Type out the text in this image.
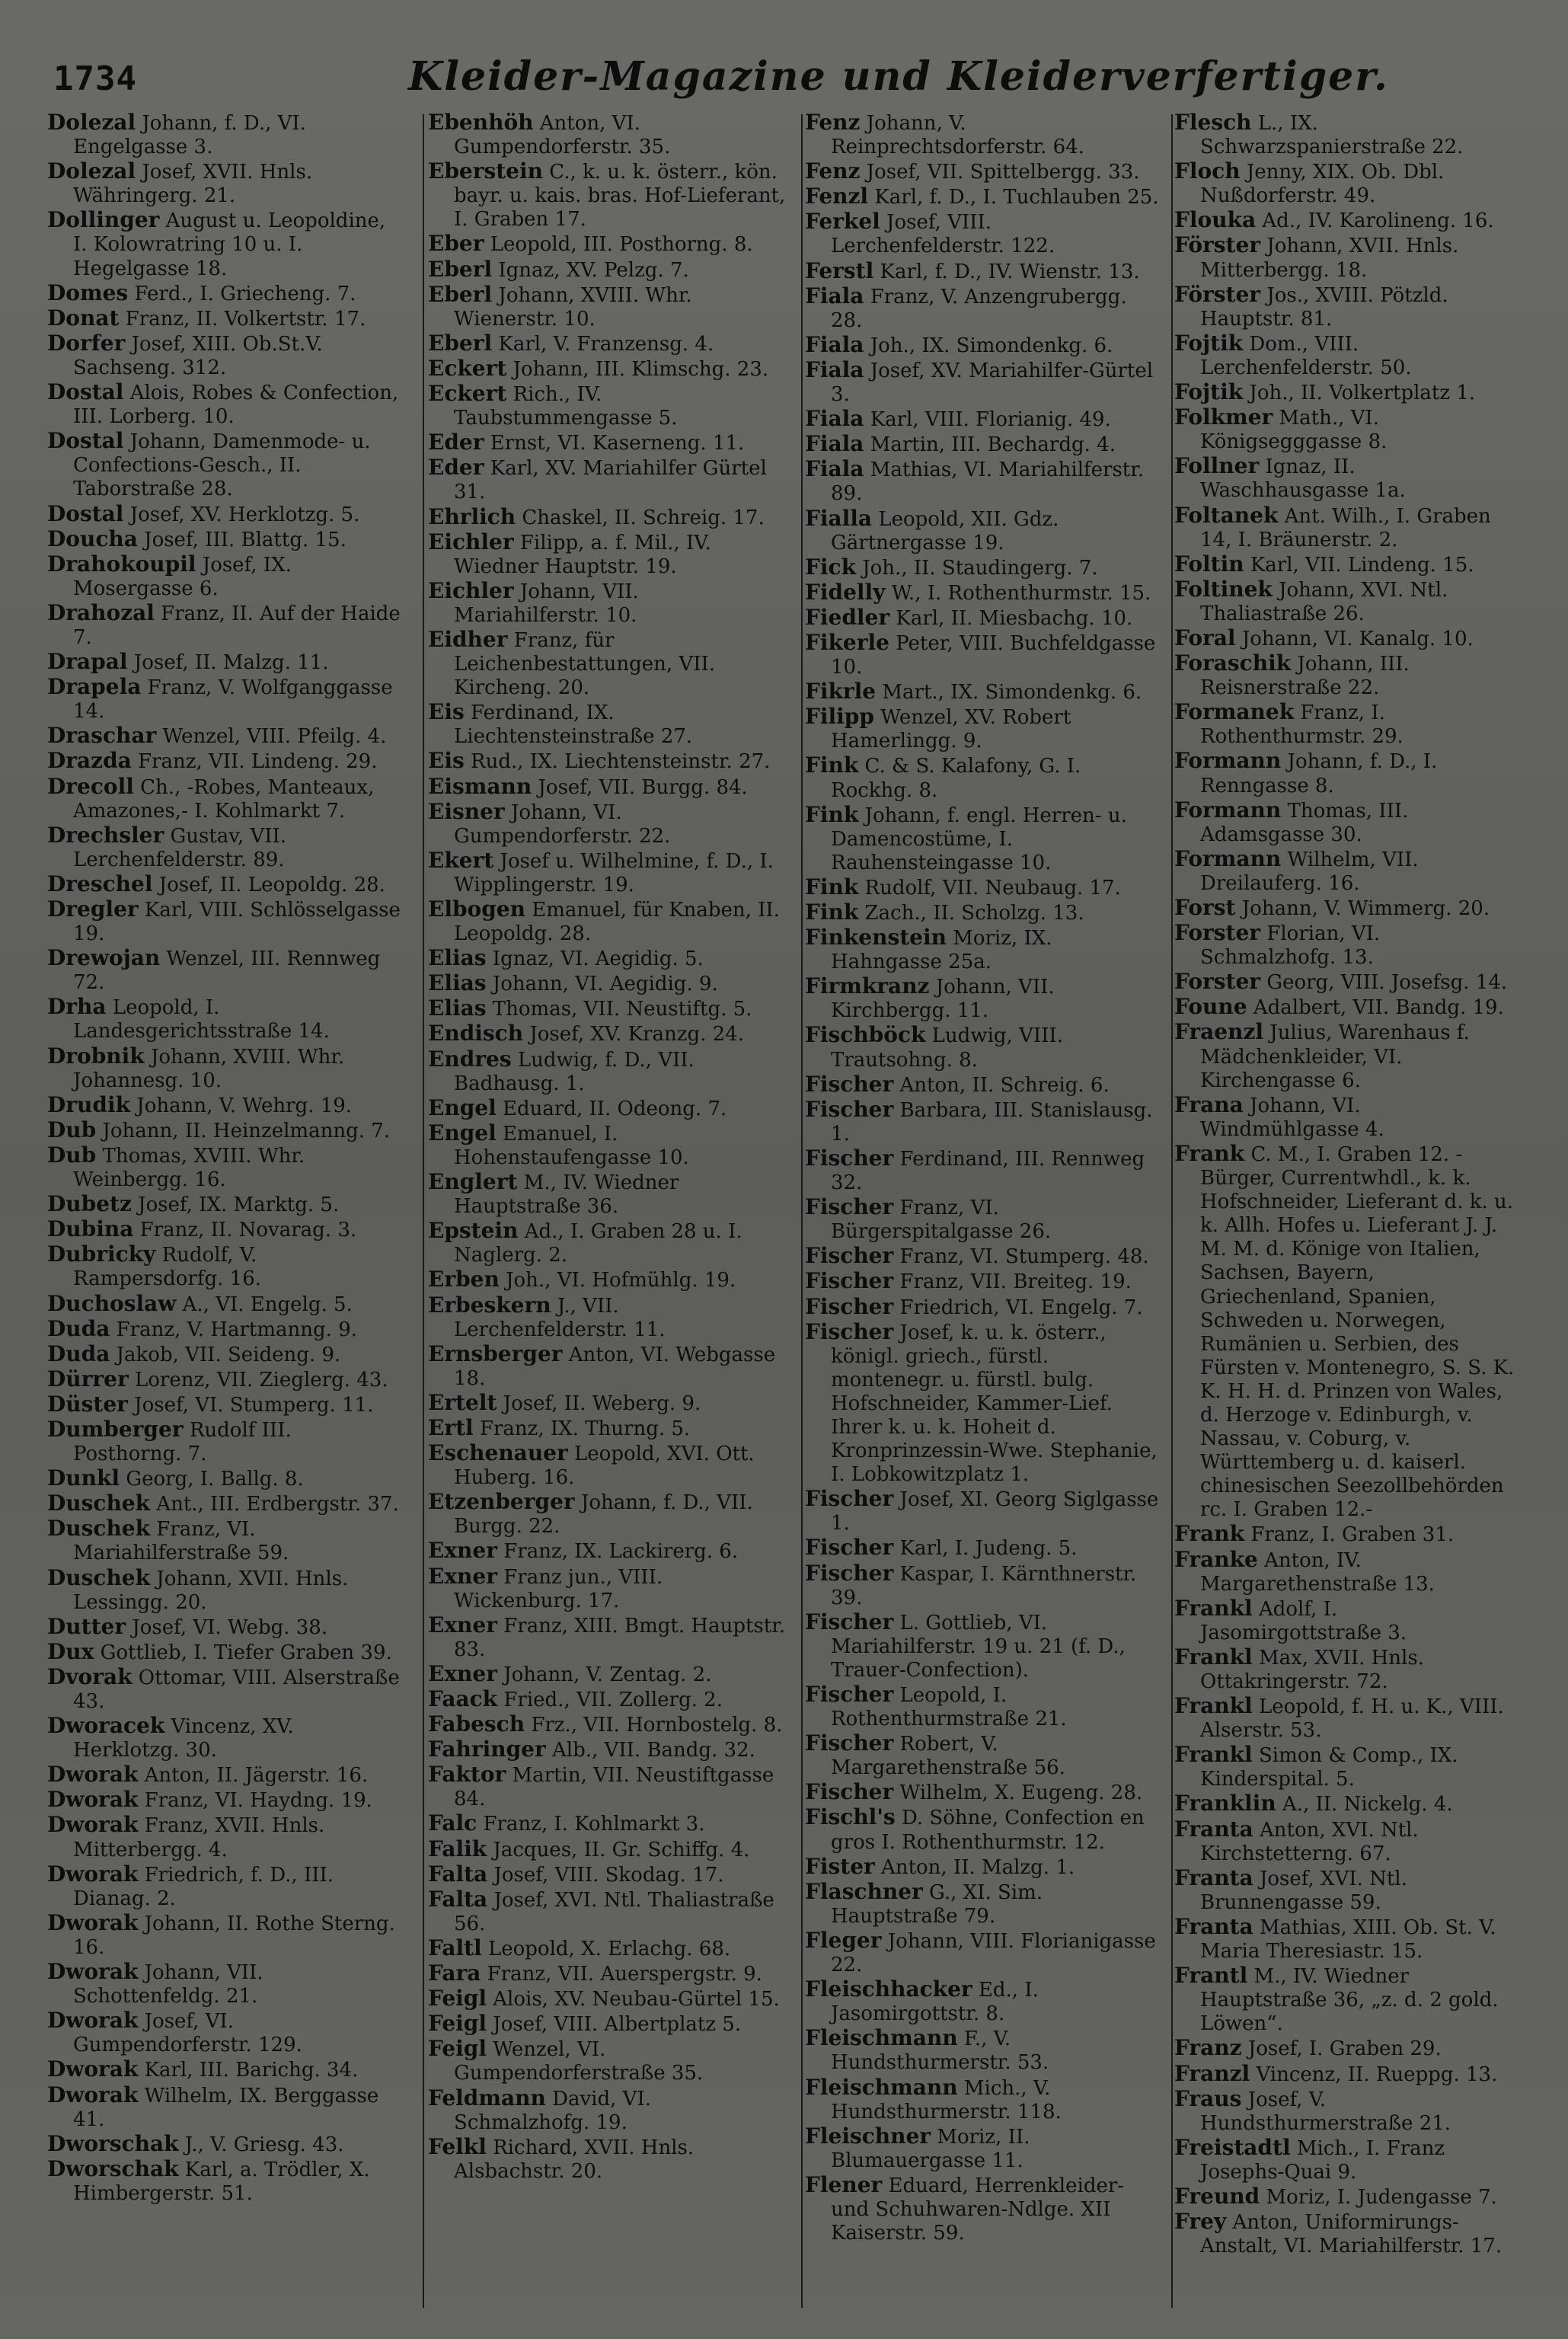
1734	Kleider-Magazine und Kleiderverfertiger.
Dolezal Johann, f. D., VI. Engelgasse 3.
Dolezal Josef, XVII. Hnls. Währingerg. 21.
Dollinger August u. Leopoldine, I. Kolowratring 10 u. I. Hegelgasse 18.
Domes Ferd., I. Griecheng. 7.
Donat Franz, II. Volkertstr. 17.
Dorfer Josef, XIII. Ob.St.V. Sachseng. 312.
Dostal Alois, Robes & Confection, III. Lorberg. 10.
Dostal Johann, Damenmode- u. Confections-Gesch., II. Taborstraße 28.
Dostal Josef, XV. Herklotzg. 5.
Doucha Josef, III. Blattg. 15.
Drahokoupil Josef, IX. Mosergasse 6.
Drahozal Franz, II. Auf der Haide 7.
Drapal Josef, II. Malzg. 11.
Drapela Franz, V. Wolfganggasse 14.
Draschar Wenzel, VIII. Pfeilg. 4.
Drazda Franz, VII. Lindeng. 29.
Drecoll Ch., -Robes, Manteaux, Amazones,- I. Kohlmarkt 7.
Drechsler Gustav, VII. Lerchenfelderstr. 89.
Dreschel Josef, II. Leopoldg. 28.
Dregler Karl, VIII. Schlösselgasse 19.
Drewojan Wenzel, III. Rennweg 72.
Drha Leopold, I. Landesgerichtsstraße 14.
Drobnik Johann, XVIII. Whr. Johannesg. 10.
Drudik Johann, V. Wehrg. 19.
Dub Johann, II. Heinzelmanng. 7.
Dub Thomas, XVIII. Whr. Weinbergg. 16.
Dubetz Josef, IX. Marktg. 5.
Dubina Franz, II. Novarag. 3.
Dubricky Rudolf, V. Rampersdorfg. 16.
Duchoslaw A., VI. Engelg. 5.
Duda Franz, V. Hartmanng. 9.
Duda Jakob, VII. Seideng. 9.
Dürrer Lorenz, VII. Zieglerg. 43.
Düster Josef, VI. Stumperg. 11.
Dumberger Rudolf III. Posthorng. 7.
Dunkl Georg, I. Ballg. 8.
Duschek Ant., III. Erdbergstr. 37.
Duschek Franz, VI. Mariahilferstraße 59.
Duschek Johann, XVII. Hnls. Lessingg. 20.
Dutter Josef, VI. Webg. 38.
Dux Gottlieb, I. Tiefer Graben 39.
Dvorak Ottomar, VIII. Alserstraße 43.
Dworacek Vincenz, XV. Herklotzg. 30.
Dworak Anton, II. Jägerstr. 16.
Dworak Franz, VI. Haydng. 19.
Dworak Franz, XVII. Hnls. Mitterbergg. 4.
Dworak Friedrich, f. D., III. Dianag. 2.
Dworak Johann, II. Rothe Sterng. 16.
Dworak Johann, VII. Schottenfeldg. 21.
Dworak Josef, VI. Gumpendorferstr. 129.
Dworak Karl, III. Barichg. 34.
Dworak Wilhelm, IX. Berggasse 41.
Dworschak J., V. Griesg. 43.
Dworschak Karl, a. Trödler, X. Himbergerstr. 51.
Ebenhöh Anton, VI. Gumpendorferstr. 35.
Eberstein C., k. u. k. österr., kön. bayr. u. kais. bras. Hof-Lieferant, I. Graben 17.
Eber Leopold, III. Posthorng. 8.
Eberl Ignaz, XV. Pelzg. 7.
Eberl Johann, XVIII. Whr. Wienerstr. 10.
Eberl Karl, V. Franzensg. 4.
Eckert Johann, III. Klimschg. 23.
Eckert Rich., IV. Taubstummengasse 5.
Eder Ernst, VI. Kaserneng. 11.
Eder Karl, XV. Mariahilfer Gürtel 31.
Ehrlich Chaskel, II. Schreig. 17.
Eichler Filipp, a. f. Mil., IV. Wiedner Hauptstr. 19.
Eichler Johann, VII. Mariahilferstr. 10.
Eidher Franz, für Leichenbestattungen, VII. Kircheng. 20.
Eis Ferdinand, IX. Liechtensteinstraße 27.
Eis Rud., IX. Liechtensteinstr. 27.
Eismann Josef, VII. Burgg. 84.
Eisner Johann, VI. Gumpendorferstr. 22.
Ekert Josef u. Wilhelmine, f. D., I. Wipplingerstr. 19.
Elbogen Emanuel, für Knaben, II. Leopoldg. 28.
Elias Ignaz, VI. Aegidig. 5.
Elias Johann, VI. Aegidig. 9.
Elias Thomas, VII. Neustiftg. 5.
Endisch Josef, XV. Kranzg. 24.
Endres Ludwig, f. D., VII. Badhausg. 1.
Engel Eduard, II. Odeong. 7.
Engel Emanuel, I. Hohenstaufengasse 10.
Englert M., IV. Wiedner Hauptstraße 36.
Epstein Ad., I. Graben 28 u. I. Naglerg. 2.
Erben Joh., VI. Hofmühlg. 19.
Erbeskern J., VII. Lerchenfelderstr. 11.
Ernsberger Anton, VI. Webgasse 18.
Ertelt Josef, II. Weberg. 9.
Ertl Franz, IX. Thurng. 5.
Eschenauer Leopold, XVI. Ott. Huberg. 16.
Etzenberger Johann, f. D., VII. Burgg. 22.
Exner Franz, IX. Lackirerg. 6.
Exner Franz jun., VIII. Wickenburg. 17.
Exner Franz, XIII. Bmgt. Hauptstr. 83.
Exner Johann, V. Zentag. 2.
Faack Fried., VII. Zollerg. 2.
Fabesch Frz., VII. Hornbostelg. 8.
Fahringer Alb., VII. Bandg. 32.
Faktor Martin, VII. Neustiftgasse 84.
Falc Franz, I. Kohlmarkt 3.
Falik Jacques, II. Gr. Schiffg. 4.
Falta Josef, VIII. Skodag. 17.
Falta Josef, XVI. Ntl. Thaliastraße 56.
Faltl Leopold, X. Erlachg. 68.
Fara Franz, VII. Auerspergstr. 9.
Feigl Alois, XV. Neubau-Gürtel 15.
Feigl Josef, VIII. Albertplatz 5.
Feigl Wenzel, VI. Gumpendorferstraße 35.
Feldmann David, VI. Schmalzhofg. 19.
Felkl Richard, XVII. Hnls. Alsbachstr. 20.
Fenz Johann, V. Reinprechtsdorferstr. 64.
Fenz Josef, VII. Spittelbergg. 33.
Fenzl Karl, f. D., I. Tuchlauben 25.
Ferkel Josef, VIII. Lerchenfelderstr. 122.
Ferstl Karl, f. D., IV. Wienstr. 13.
Fiala Franz, V. Anzengrubergg. 28.
Fiala Joh., IX. Simondenkg. 6.
Fiala Josef, XV. Mariahilfer-Gürtel 3.
Fiala Karl, VIII. Florianig. 49.
Fiala Martin, III. Bechardg. 4.
Fiala Mathias, VI. Mariahilferstr. 89.
Fialla Leopold, XII. Gdz. Gärtnergasse 19.
Fick Joh., II. Staudingerg. 7.
Fidelly W., I. Rothenthurmstr. 15.
Fiedler Karl, II. Miesbachg. 10.
Fikerle Peter, VIII. Buchfeldgasse 10.
Fikrle Mart., IX. Simondenkg. 6.
Filipp Wenzel, XV. Robert Hamerlingg. 9.
Fink C. & S. Kalafony, G. I. Rockhg. 8.
Fink Johann, f. engl. Herren- u. Damencostüme, I. Rauhensteingasse 10.
Fink Rudolf, VII. Neubaug. 17.
Fink Zach., II. Scholzg. 13.
Finkenstein Moriz, IX. Hahngasse 25a.
Firmkranz Johann, VII. Kirchbergg. 11.
Fischböck Ludwig, VIII. Trautsohng. 8.
Fischer Anton, II. Schreig. 6.
Fischer Barbara, III. Stanislausg. 1.
Fischer Ferdinand, III. Rennweg 32.
Fischer Franz, VI. Bürgerspitalgasse 26.
Fischer Franz, VI. Stumperg. 48.
Fischer Franz, VII. Breiteg. 19.
Fischer Friedrich, VI. Engelg. 7.
Fischer Josef, k. u. k. österr., königl. griech., fürstl. montenegr. u. fürstl. bulg. Hofschneider, Kammer-Lief. Ihrer k. u. k. Hoheit d. Kronprinzessin-Wwe. Stephanie, I. Lobkowitzplatz 1.
Fischer Josef, XI. Georg Siglgasse 1.
Fischer Karl, I. Judeng. 5.
Fischer Kaspar, I. Kärnthnerstr. 39.
Fischer L. Gottlieb, VI. Mariahilferstr. 19 u. 21 (f. D., Trauer-Confection).
Fischer Leopold, I. Rothenthurmstraße 21.
Fischer Robert, V. Margarethenstraße 56.
Fischer Wilhelm, X. Eugeng. 28.
Fischl's D. Söhne, Confection en gros I. Rothenthurmstr. 12.
Fister Anton, II. Malzg. 1.
Flaschner G., XI. Sim. Hauptstraße 79.
Fleger Johann, VIII. Florianigasse 22.
Fleischhacker Ed., I. Jasomirgottstr. 8.
Fleischmann F., V. Hundsthurmerstr. 53.
Fleischmann Mich., V. Hundsthurmerstr. 118.
Fleischner Moriz, II. Blumauergasse 11.
Flener Eduard, Herrenkleider- und Schuhwaren-Ndlge. XII Kaiserstr. 59.
Flesch L., IX. Schwarzspanierstraße 22.
Floch Jenny, XIX. Ob. Dbl. Nußdorferstr. 49.
Flouka Ad., IV. Karolineng. 16.
Förster Johann, XVII. Hnls. Mitterbergg. 18.
Förster Jos., XVIII. Pötzld. Hauptstr. 81.
Fojtik Dom., VIII. Lerchenfelderstr. 50.
Fojtik Joh., II. Volkertplatz 1.
Folkmer Math., VI. Königsegggasse 8.
Follner Ignaz, II. Waschhausgasse 1a.
Foltanek Ant. Wilh., I. Graben 14, I. Bräunerstr. 2.
Foltin Karl, VII. Lindeng. 15.
Foltinek Johann, XVI. Ntl. Thaliastraße 26.
Foral Johann, VI. Kanalg. 10.
Foraschik Johann, III. Reisnerstraße 22.
Formanek Franz, I. Rothenthurmstr. 29.
Formann Johann, f. D., I. Renngasse 8.
Formann Thomas, III. Adamsgasse 30.
Formann Wilhelm, VII. Dreilauferg. 16.
Forst Johann, V. Wimmerg. 20.
Forster Florian, VI. Schmalzhofg. 13.
Forster Georg, VIII. Josefsg. 14.
Foune Adalbert, VII. Bandg. 19.
Fraenzl Julius, Warenhaus f. Mädchenkleider, VI. Kirchengasse 6.
Frana Johann, VI. Windmühlgasse 4.
Frank C. M., I. Graben 12. -Bürger, Currentwhdl., k. k. Hofschneider, Lieferant d. k. u. k. Allh. Hofes u. Lieferant J. J. M. M. d. Könige von Italien, Sachsen, Bayern, Griechenland, Spanien, Schweden u. Norwegen, Rumänien u. Serbien, des Fürsten v. Montenegro, S. S. K. K. H. H. d. Prinzen von Wales, d. Herzoge v. Edinburgh, v. Nassau, v. Coburg, v. Württemberg u. d. kaiserl. chinesischen Seezollbehörden rc. I. Graben 12.-
Frank Franz, I. Graben 31.
Franke Anton, IV. Margarethenstraße 13.
Frankl Adolf, I. Jasomirgottstraße 3.
Frankl Max, XVII. Hnls. Ottakringerstr. 72.
Frankl Leopold, f. H. u. K., VIII. Alserstr. 53.
Frankl Simon & Comp., IX. Kinderspital. 5.
Franklin A., II. Nickelg. 4.
Franta Anton, XVI. Ntl. Kirchstetterng. 67.
Franta Josef, XVI. Ntl. Brunnengasse 59.
Franta Mathias, XIII. Ob. St. V. Maria Theresiastr. 15.
Frantl M., IV. Wiedner Hauptstraße 36, „z. d. 2 gold. Löwen“.
Franz Josef, I. Graben 29.
Franzl Vincenz, II. Rueppg. 13.
Fraus Josef, V. Hundsthurmerstraße 21.
Freistadtl Mich., I. Franz Josephs-Quai 9.
Freund Moriz, I. Judengasse 7.
Frey Anton, Uniformirungs-Anstalt, VI. Mariahilferstr. 17.
